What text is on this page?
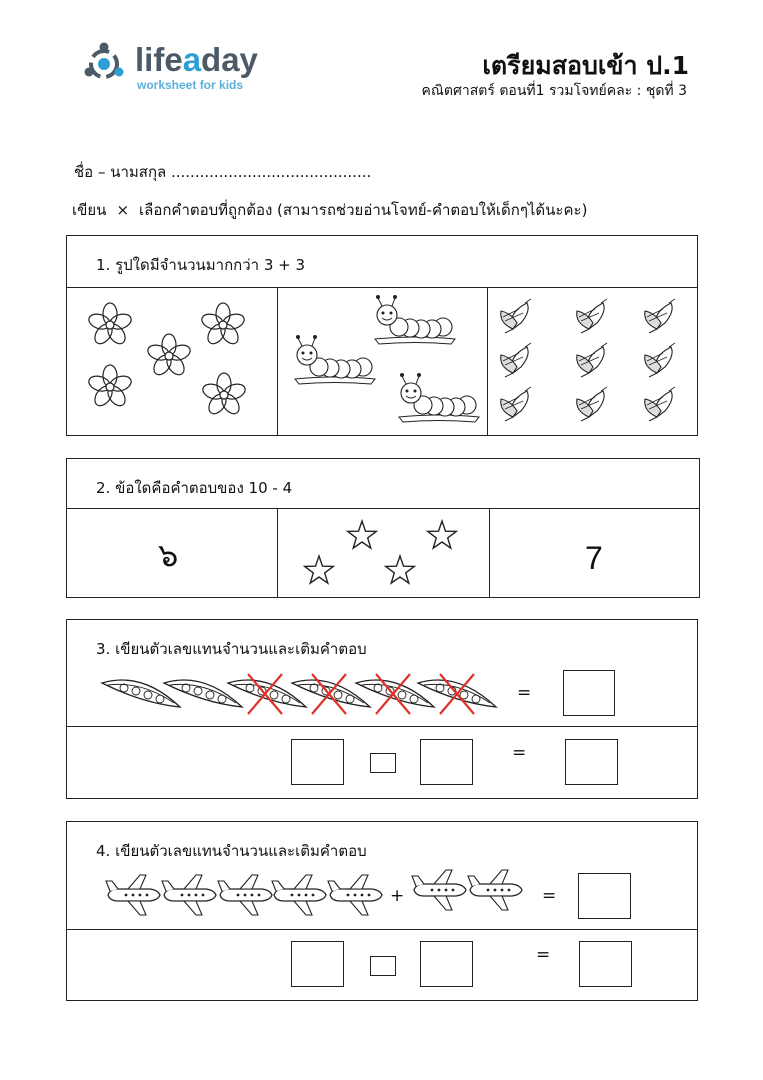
lifeaday
worksheet for kids
เตรียมสอบเข้า ป.1
คณิตศาสตร์ ตอนที่1 รวมโจทย์คละ : ชุดที่ 3
ชื่อ – นามสกุล ..........................................
เขียน × เลือกคำตอบที่ถูกต้อง (สามารถช่วยอ่านโจทย์-คำตอบให้เด็กๆได้นะคะ)
1. รูปใดมีจำนวนมากกว่า 3 + 3
2. ข้อใดคือคำตอบของ 10 - 4
๖	7
3. เขียนตัวเลขแทนจำนวนและเติมคำตอบ
=
=
4. เขียนตัวเลขแทนจำนวนและเติมคำตอบ
+	=
=
